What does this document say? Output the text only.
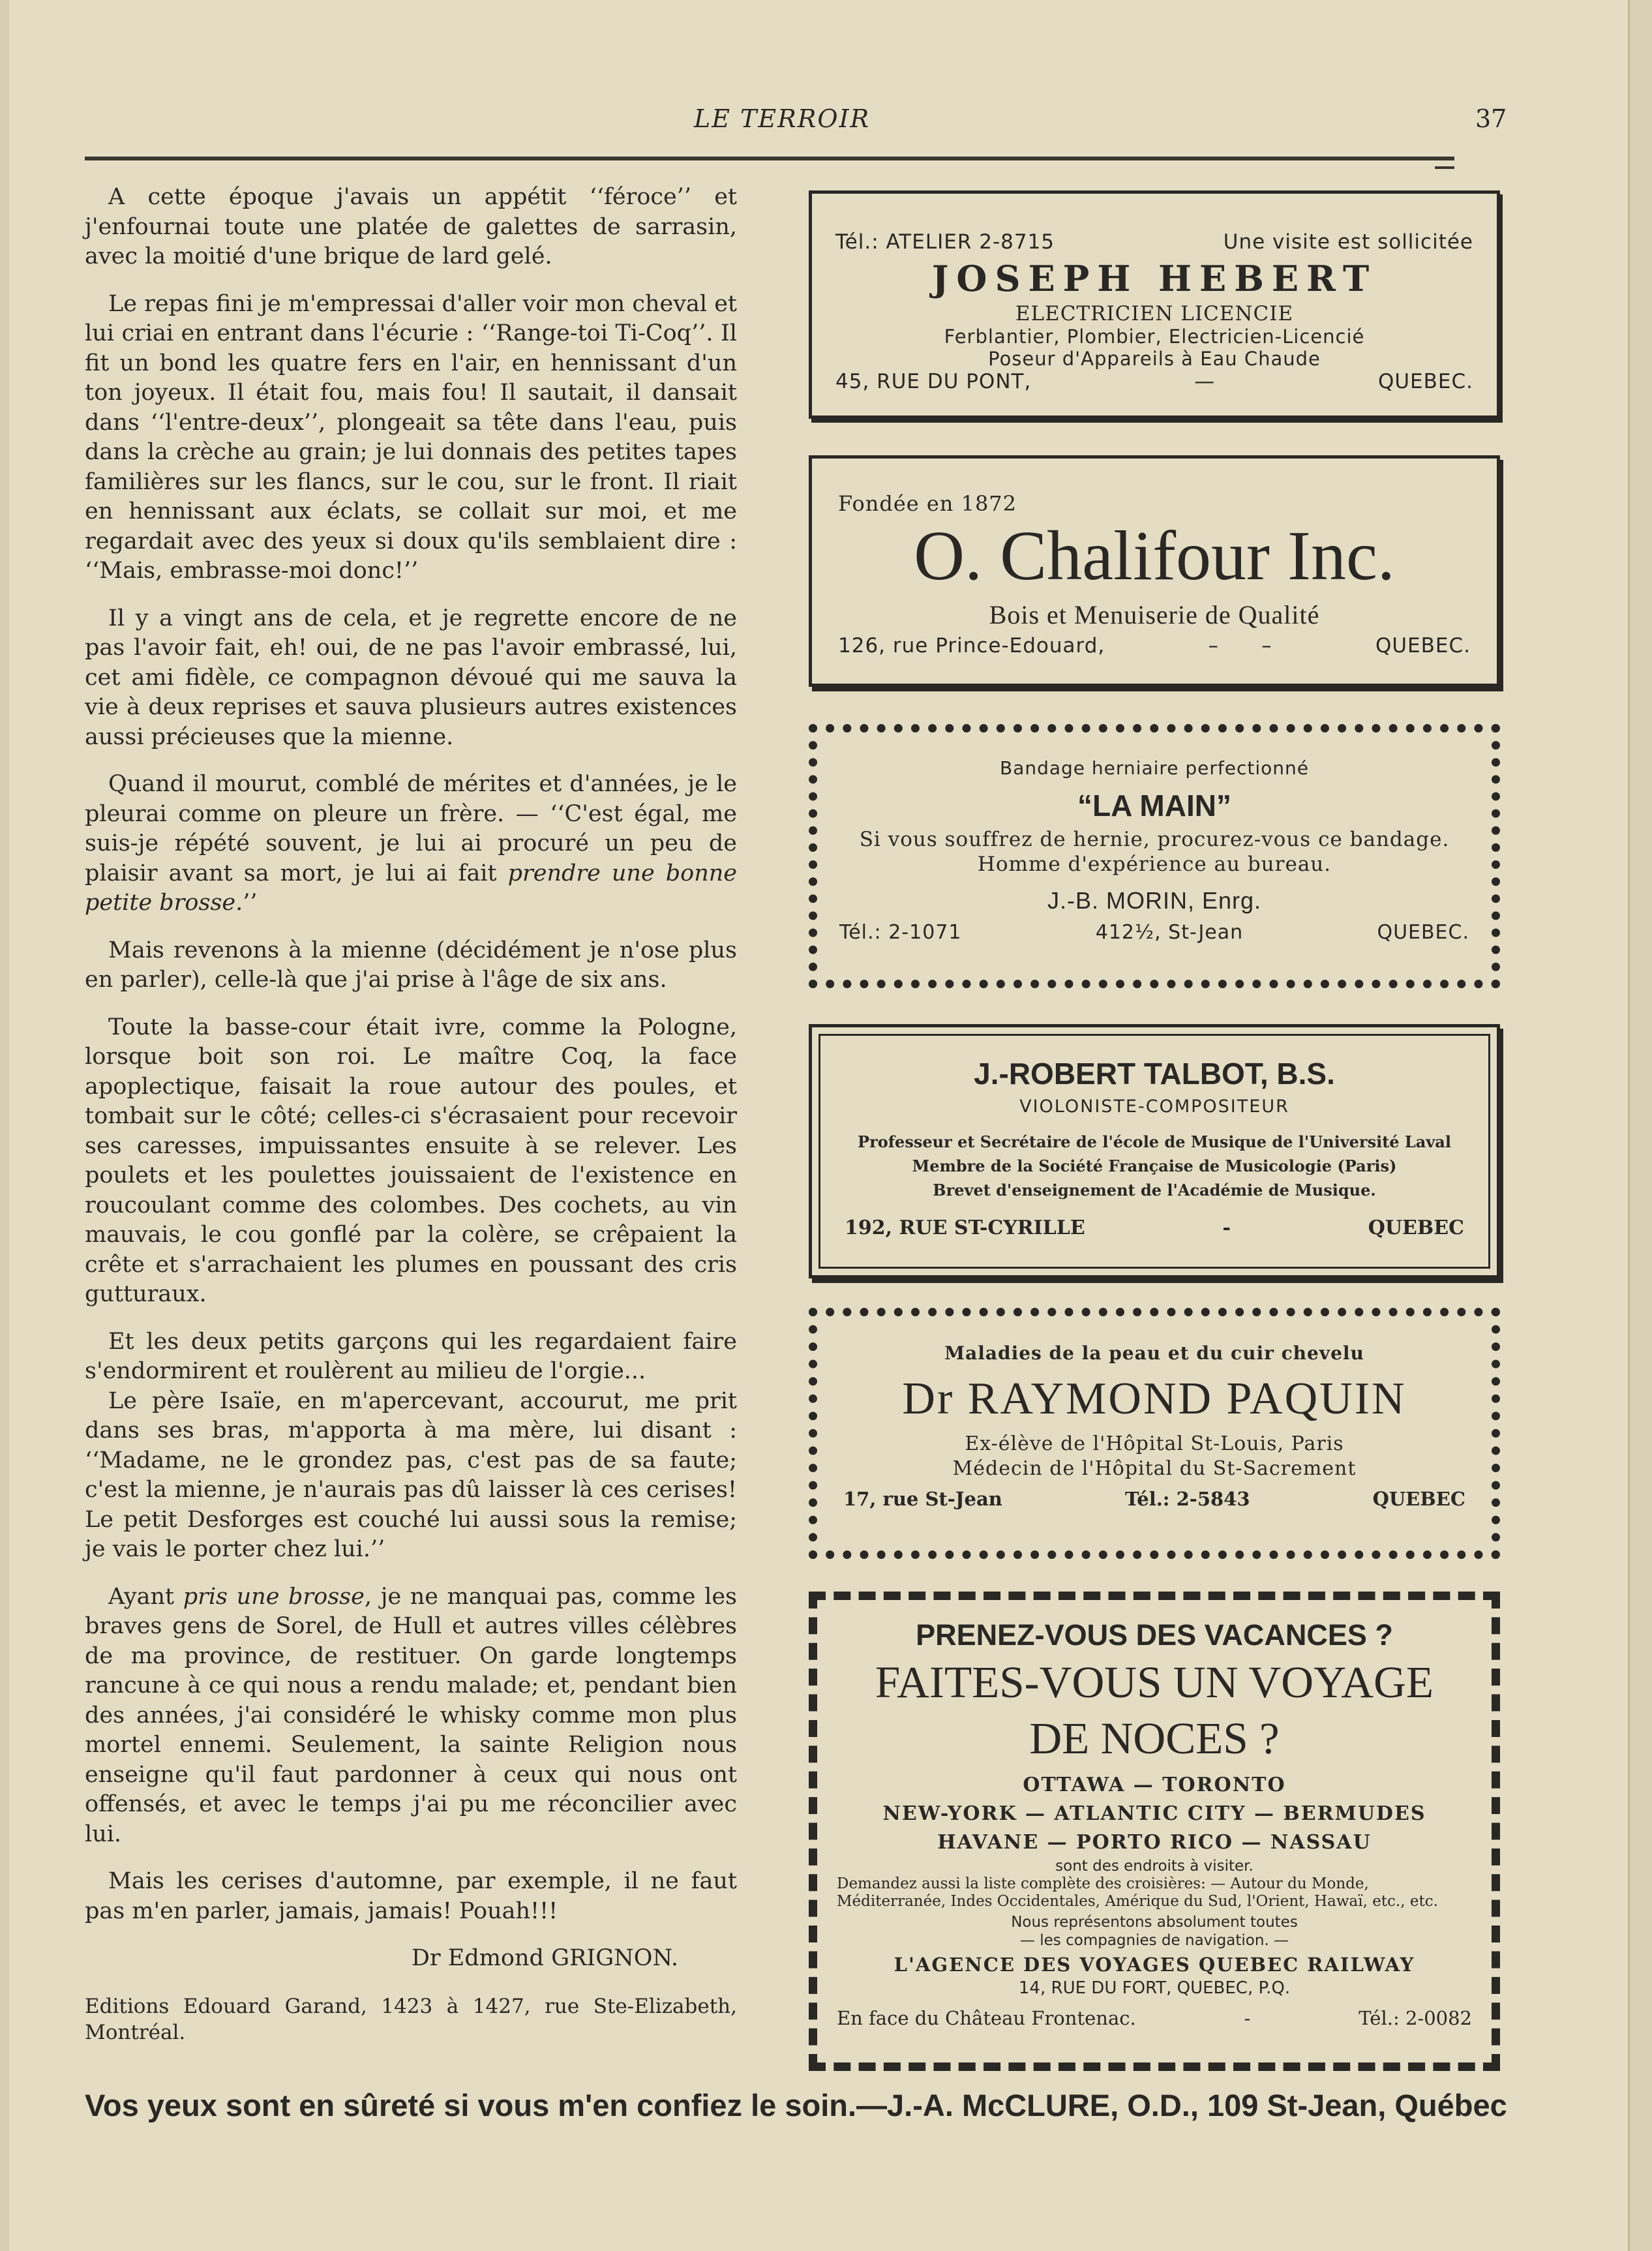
LE TERROIR	37

A cette époque j'avais un appétit ‘‘féroce’’ et j'enfournai toute une platée de galettes de sarrasin, avec la moitié d'une brique de lard gelé.

Le repas fini je m'empressai d'aller voir mon cheval et lui criai en entrant dans l'écurie : ‘‘Range-toi Ti-Coq’’. Il fit un bond les quatre fers en l'air, en hennissant d'un ton joyeux. Il était fou, mais fou! Il sautait, il dansait dans ‘‘l'entre-deux’’, plongeait sa tête dans l'eau, puis dans la crèche au grain; je lui donnais des petites tapes familières sur les flancs, sur le cou, sur le front. Il riait en hennissant aux éclats, se collait sur moi, et me regardait avec des yeux si doux qu'ils semblaient dire : ‘‘Mais, embrasse-moi donc!’’

Il y a vingt ans de cela, et je regrette encore de ne pas l'avoir fait, eh! oui, de ne pas l'avoir embrassé, lui, cet ami fidèle, ce compagnon dévoué qui me sauva la vie à deux reprises et sauva plusieurs autres existences aussi précieuses que la mienne.

Quand il mourut, comblé de mérites et d'années, je le pleurai comme on pleure un frère. — ‘‘C'est égal, me suis-je répété souvent, je lui ai procuré un peu de plaisir avant sa mort, je lui ai fait prendre une bonne petite brosse.’’

Mais revenons à la mienne (décidément je n'ose plus en parler), celle-là que j'ai prise à l'âge de six ans.

Toute la basse-cour était ivre, comme la Pologne, lorsque boit son roi. Le maître Coq, la face apoplectique, faisait la roue autour des poules, et tombait sur le côté; celles-ci s'écrasaient pour recevoir ses caresses, impuissantes ensuite à se relever. Les poulets et les poulettes jouissaient de l'existence en roucoulant comme des colombes. Des cochets, au vin mauvais, le cou gonflé par la colère, se crêpaient la crête et s'arrachaient les plumes en poussant des cris gutturaux.

Et les deux petits garçons qui les regardaient faire s'endormirent et roulèrent au milieu de l'orgie...

Le père Isaïe, en m'apercevant, accourut, me prit dans ses bras, m'apporta à ma mère, lui disant : ‘‘Madame, ne le grondez pas, c'est pas de sa faute; c'est la mienne, je n'aurais pas dû laisser là ces cerises! Le petit Desforges est couché lui aussi sous la remise; je vais le porter chez lui.’’

Ayant pris une brosse, je ne manquai pas, comme les braves gens de Sorel, de Hull et autres villes célèbres de ma province, de restituer. On garde longtemps rancune à ce qui nous a rendu malade; et, pendant bien des années, j'ai considéré le whisky comme mon plus mortel ennemi. Seulement, la sainte Religion nous enseigne qu'il faut pardonner à ceux qui nous ont offensés, et avec le temps j'ai pu me réconcilier avec lui.

Mais les cerises d'automne, par exemple, il ne faut pas m'en parler, jamais, jamais! Pouah!!!

Dr Edmond GRIGNON.

Editions Edouard Garand, 1423 à 1427, rue Ste-Elizabeth, Montréal.

Tél.: ATELIER 2-8715	Une visite est sollicitée
JOSEPH HEBERT
ELECTRICIEN LICENCIE
Ferblantier, Plombier, Electricien-Licencié
Poseur d'Appareils à Eau Chaude
45, RUE DU PONT,	—	QUEBEC.
Fondée en 1872
O. Chalifour Inc.
Bois et Menuiserie de Qualité
126, rue Prince-Edouard,	–      –	QUEBEC.
Bandage herniaire perfectionné
“LA MAIN”
Si vous souffrez de hernie, procurez-vous ce bandage.
Homme d'expérience au bureau.
J.-B. MORIN, Enrg.
Tél.: 2-1071	412½, St-Jean	QUEBEC.
J.-ROBERT TALBOT, B.S.
VIOLONISTE-COMPOSITEUR
Professeur et Secrétaire de l'école de Musique de l'Université Laval
Membre de la Société Française de Musicologie (Paris)
Brevet d'enseignement de l'Académie de Musique.
192, RUE ST-CYRILLE	-	QUEBEC
Maladies de la peau et du cuir chevelu
Dr RAYMOND PAQUIN
Ex-élève de l'Hôpital St-Louis, Paris
Médecin de l'Hôpital du St-Sacrement
17, rue St-Jean	Tél.: 2-5843	QUEBEC
PRENEZ-VOUS DES VACANCES ?
FAITES-VOUS UN VOYAGE
DE NOCES ?
OTTAWA — TORONTO
NEW-YORK — ATLANTIC CITY — BERMUDES
HAVANE — PORTO RICO — NASSAU
sont des endroits à visiter.
Demandez aussi la liste complète des croisières: — Autour du Monde, Méditerranée, Indes Occidentales, Amérique du Sud, l'Orient, Hawaï, etc., etc.
Nous représentons absolument toutes
— les compagnies de navigation. —
L'AGENCE DES VOYAGES QUEBEC RAILWAY
14, RUE DU FORT, QUEBEC, P.Q.
En face du Château Frontenac.	-	Tél.: 2-0082
Vos yeux sont en sûreté si vous m'en confiez le soin.—J.-A. McCLURE, O.D., 109 St-Jean, Québec
